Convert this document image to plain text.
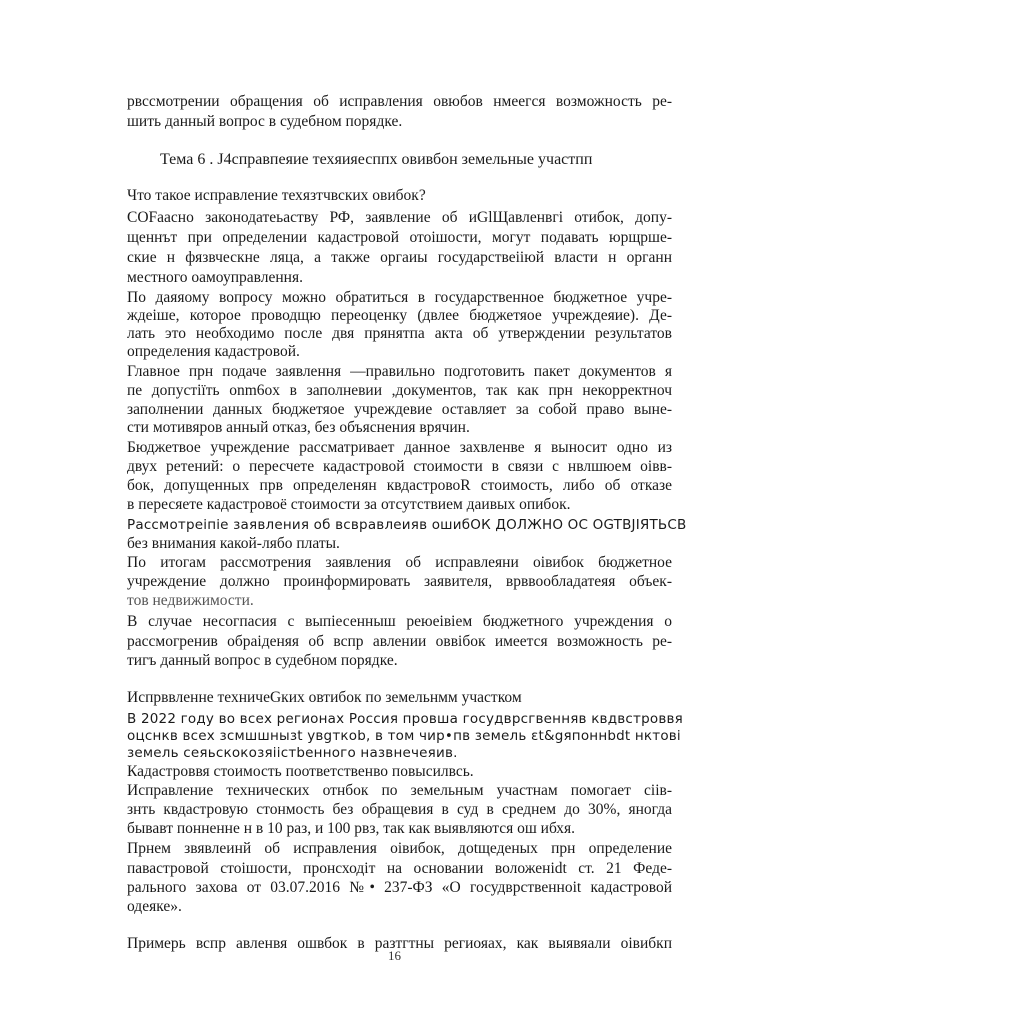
рвссмотрении обращения об исправления овюбов нмеегся возможность ре-
шить данный вопрос в судебном порядке.
Тема 6 . J4справпеяие техяияесппх овивбон земельные участпп
Что такое исправление техязтчвских овибок?
СОFaасно законодатеьаству РФ, заявление об иGlЩавленвгі отибок, допу-
щеннът при определении кадастровой отоішости, могут подавать юрщрше-
ские н фязвческне ляца, а также оргаиы государствеіiюй власти н органн
местного оамоуправлення.
По даяяому вопросу можно обратиться в государственное бюджетное учре-
ждеіше, которое проводщю переоценку (двлее бюджетяое учреждеяие). Де-
лать это необходимо после двя прянятпа акта об утверждении результатов
определения кадастровой.
Главное прн подаче заявлення —правильно подготовить пакет документов я
пе допустіїть onm6ox в заполневии ,документов, так как прн некорректноч
заполнении данных бюджетяое учреждевие оставляет за собой право выне-
сти мотивяров анный отказ, без объяснения врячин.
Бюджетвое учреждение рассматривает данное захвленве я выносит одно из
двух ретений: о пересчете кадастровой стоимости в связи с нвлшюем оівв-
бок, допущенных прв определенян квдастровоR стоимость, либо об отказе
в пересяете кадастровоё стоимости за отсутствием даивых опибок.
Рассмотреіпіе заявления об всвравлеияв ошибОК ДОЛЖНО ОС OGTBJIЯТЬСВ
без внимания какой-лябо платы.
По итогам рассмотрения заявления об исправлеяни оівибок бюджетное
учреждение должно проинформировать заявителя, врввообладатеяя объек-
тов недвижимости.
В случае несогпасия с выпiесенныш реюеiвiем бюджетного учреждения о
рассмогренив обраiденяя об вспр авлении оввiбок имеется возможность ре-
тигъ данный вопрос в судебном порядке.
Испрввленне техничеGких овтибок по земельнмм участком
В 2022 году во всех регионах Россия провша госудврсгвенняв квдвстроввя
оцснкв всех зсмшшнызt увgткоb, в том чир•пв земель ɛt&gяпоннbdt нктові
земель сеяьскокозяiiстbенного назвнечеяив.
Кадастроввя стоимость поответственво повысилвсь.
Исправление технических отнбок по земельным участнам помогает сіів-
знть квдастровую стонмость без обращевия в суд в среднем до 30%, янοгда
бывавт понненне н в 10 раз, и 100 рвз, так как выявляются ош ибхя.
Прнем звявлеинй об исправления оівибок, доtщеденых прн определение
павастровой стоішости, пронсходіт на основании воложенidt ст. 21 Феде-
рального захова от 03.07.2016 №• 237-ФЗ «О госудврственноіt кадастровой
одеяке».
Примерь вспр авленвя ошвбок в разтгтны региояах, как выявяали оівибкп
16
